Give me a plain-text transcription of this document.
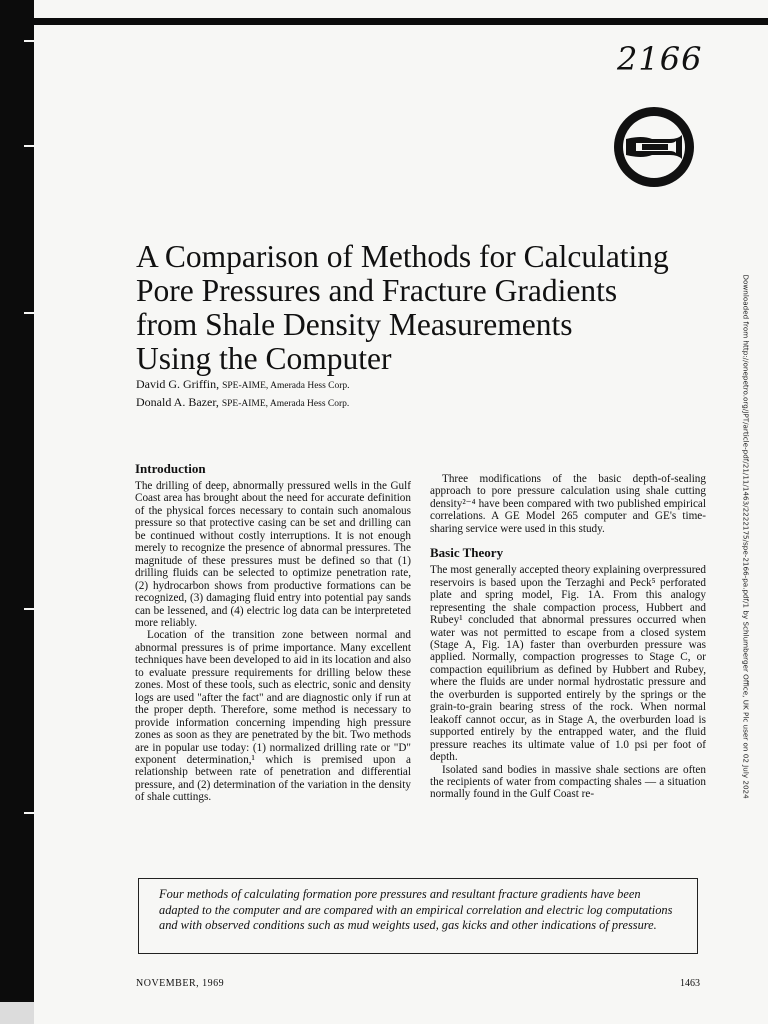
2166
A Comparison of Methods for Calculating
Pore Pressures and Fracture Gradients
from Shale Density Measurements
Using the Computer
David G. Griffin, SPE-AIME, Amerada Hess Corp.
Donald A. Bazer, SPE-AIME, Amerada Hess Corp.
Introduction

The drilling of deep, abnormally pressured wells in the Gulf Coast area has brought about the need for accurate definition of the physical forces necessary to contain such anomalous pressure so that protective casing can be set and drilling can be continued without costly interruptions. It is not enough merely to recognize the presence of abnormal pressures. The magnitude of these pressures must be defined so that (1) drilling fluids can be selected to optimize penetration rate, (2) hydrocarbon shows from productive formations can be recognized, (3) damaging fluid entry into potential pay sands can be lessened, and (4) electric log data can be interpreteted more reliably.

Location of the transition zone between normal and abnormal pressures is of prime importance. Many excellent techniques have been developed to aid in its location and also to evaluate pressure requirements for drilling below these zones. Most of these tools, such as electric, sonic and density logs are used "after the fact" and are diagnostic only if run at the proper depth. Therefore, some method is necessary to provide information concerning impending high pressure zones as soon as they are penetrated by the bit. Two methods are in popular use today: (1) normalized drilling rate or "D" exponent determination,¹ which is premised upon a relationship between rate of penetration and differential pressure, and (2) determination of the variation in the density of shale cuttings.

Three modifications of the basic depth-of-sealing approach to pore pressure calculation using shale cutting density²⁻⁴ have been compared with two published empirical correlations. A GE Model 265 computer and GE's time-sharing service were used in this study.

Basic Theory

The most generally accepted theory explaining overpressured reservoirs is based upon the Terzaghi and Peck⁵ perforated plate and spring model, Fig. 1A. From this analogy representing the shale compaction process, Hubbert and Rubey¹ concluded that abnormal pressures occurred when water was not permitted to escape from a closed system (Stage A, Fig. 1A) faster than overburden pressure was applied. Normally, compaction progresses to Stage C, or compaction equilibrium as defined by Hubbert and Rubey, where the fluids are under normal hydrostatic pressure and the overburden is supported entirely by the springs or the grain-to-grain bearing stress of the rock. When normal leakoff cannot occur, as in Stage A, the overburden load is supported entirely by the entrapped water, and the fluid pressure reaches its ultimate value of 1.0 psi per foot of depth.

Isolated sand bodies in massive shale sections are often the recipients of water from compacting shales — a situation normally found in the Gulf Coast re-

Four methods of calculating formation pore pressures and resultant fracture gradients have been adapted to the computer and are compared with an empirical correlation and electric log computations and with observed conditions such as mud weights used, gas kicks and other indications of pressure.
NOVEMBER, 1969	1463
Downloaded from http://onepetro.org/JPT/article-pdf/21/11/1463/2222175/spe-2166-pa.pdf/1 by Schlumberger Office, UK Plc user on 02 July 2024
